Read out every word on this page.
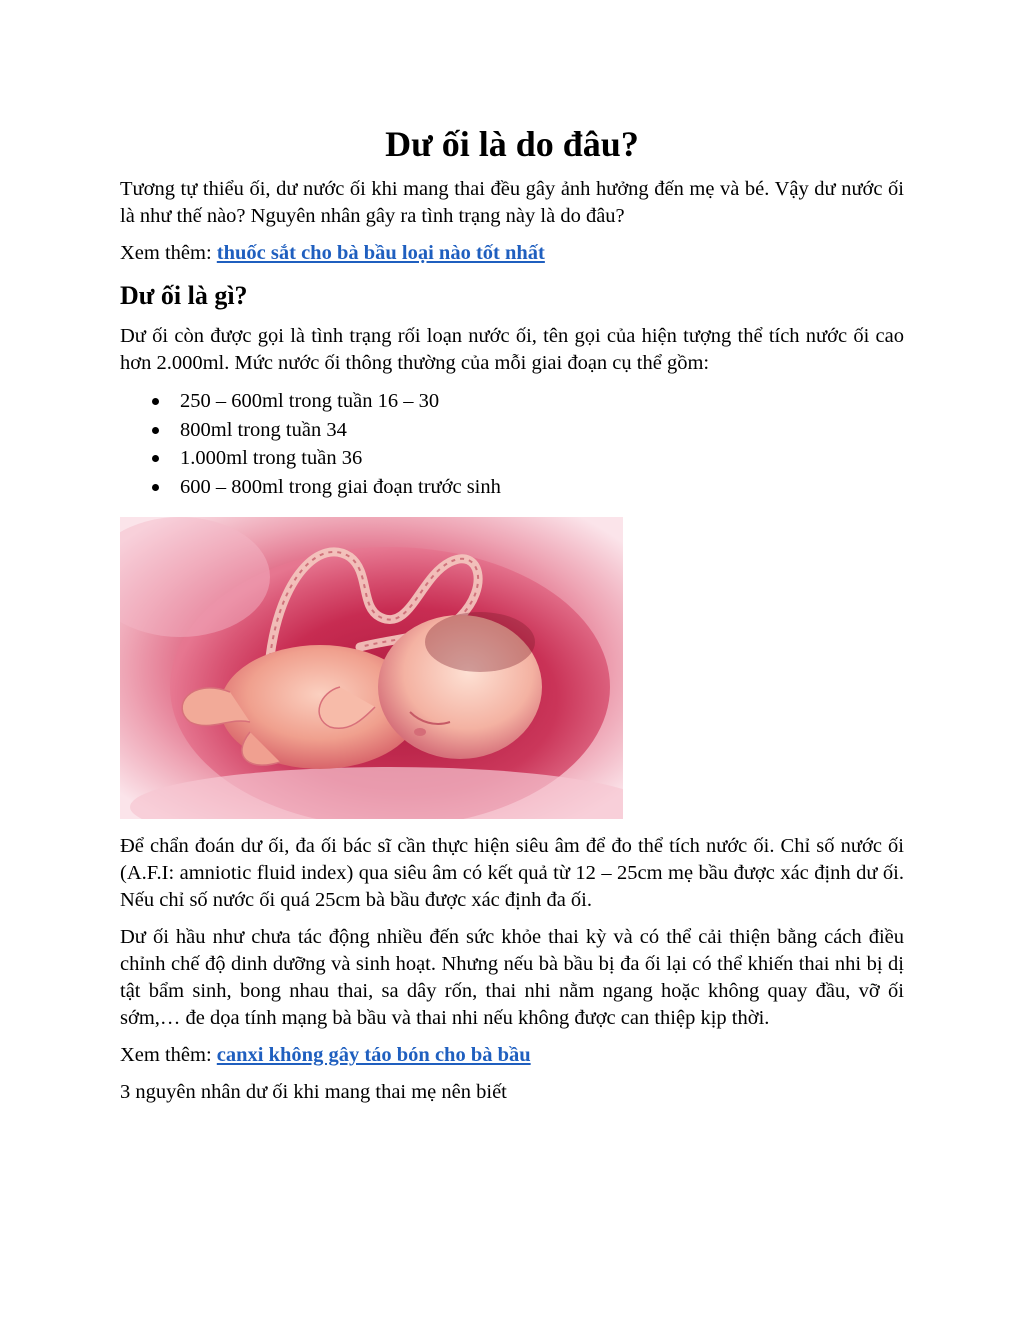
Dư ối là do đâu?

Tương tự thiểu ối, dư nước ối khi mang thai đều gây ảnh hưởng đến mẹ và bé. Vậy dư nước ối là như thế nào? Nguyên nhân gây ra tình trạng này là do đâu?

Xem thêm: thuốc sắt cho bà bầu loại nào tốt nhất

Dư ối là gì?

Dư ối còn được gọi là tình trạng rối loạn nước ối, tên gọi của hiện tượng thể tích nước ối cao hơn 2.000ml. Mức nước ối thông thường của mỗi giai đoạn cụ thể gồm:

250 – 600ml trong tuần 16 – 30
800ml trong tuần 34
1.000ml trong tuần 36
600 – 800ml trong giai đoạn trước sinh

Để chẩn đoán dư ối, đa ối bác sĩ cần thực hiện siêu âm để đo thể tích nước ối. Chỉ số nước ối (A.F.I: amniotic fluid index) qua siêu âm có kết quả từ 12 – 25cm mẹ bầu được xác định dư ối. Nếu chỉ số nước ối quá 25cm bà bầu được xác định đa ối.

Dư ối hầu như chưa tác động nhiều đến sức khỏe thai kỳ và có thể cải thiện bằng cách điều chỉnh chế độ dinh dưỡng và sinh hoạt. Nhưng nếu bà bầu bị đa ối lại có thể khiến thai nhi bị dị tật bẩm sinh, bong nhau thai, sa dây rốn, thai nhi nằm ngang hoặc không quay đầu, vỡ ối sớm,… đe dọa tính mạng bà bầu và thai nhi nếu không được can thiệp kịp thời.

Xem thêm: canxi không gây táo bón cho bà bầu

3 nguyên nhân dư ối khi mang thai mẹ nên biết
